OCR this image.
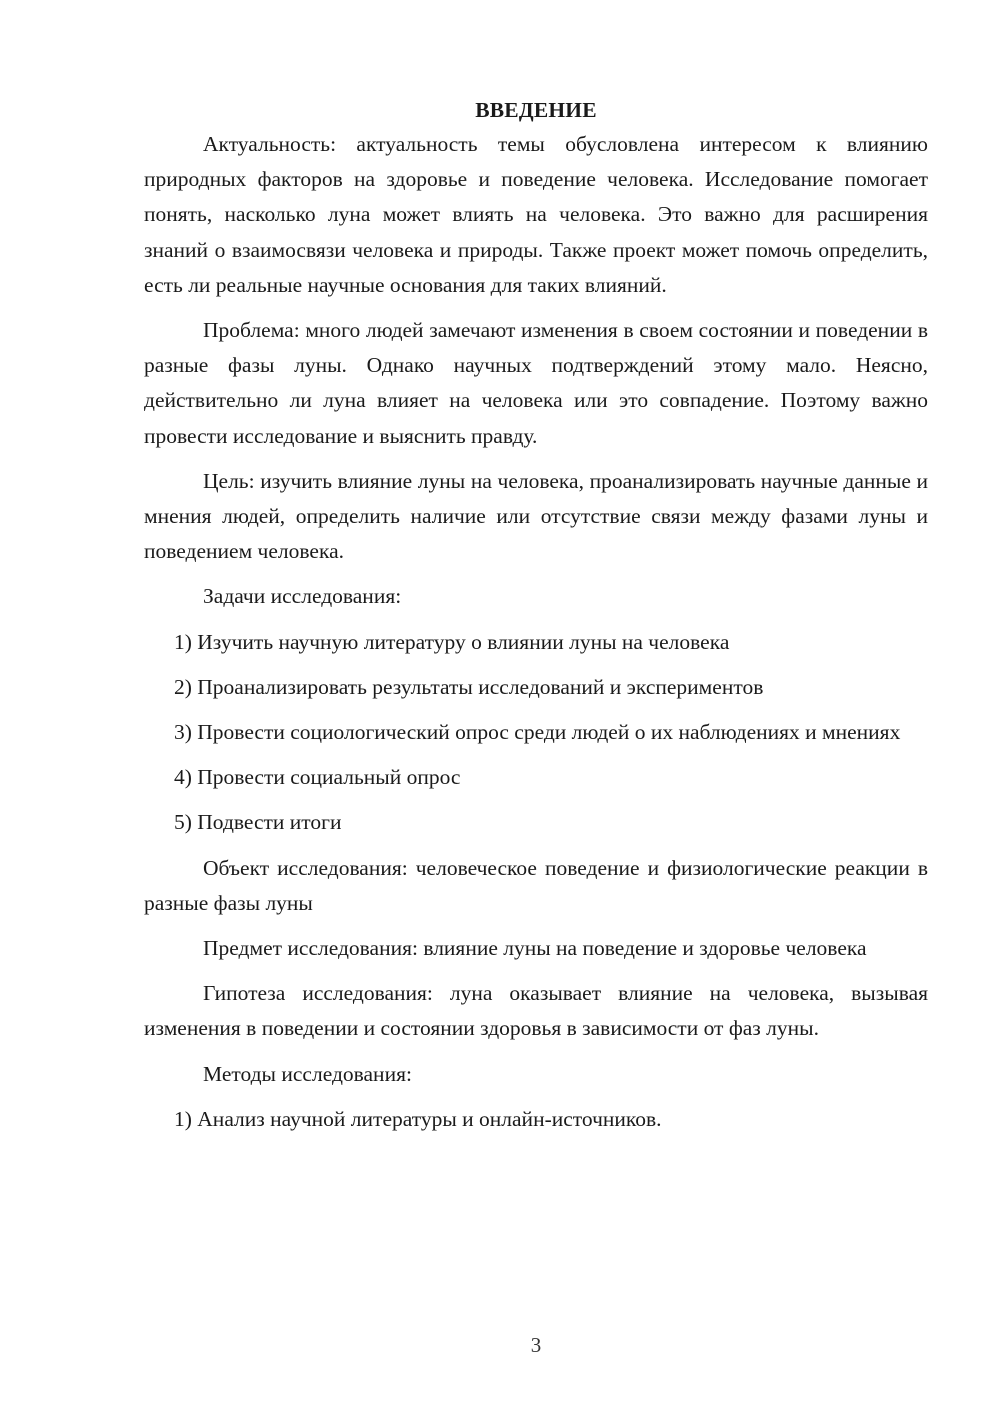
ВВЕДЕНИЕ

Актуальность: актуальность темы обусловлена интересом к влиянию природных факторов на здоровье и поведение человека. Исследование помогает понять, насколько луна может влиять на человека. Это важно для расширения знаний о взаимосвязи человека и природы. Также проект может помочь определить, есть ли реальные научные основания для таких влияний.

Проблема: много людей замечают изменения в своем состоянии и поведении в разные фазы луны. Однако научных подтверждений этому мало. Неясно, действительно ли луна влияет на человека или это совпадение. Поэтому важно провести исследование и выяснить правду.

Цель: изучить влияние луны на человека, проанализировать научные данные и мнения людей, определить наличие или отсутствие связи между фазами луны и поведением человека.

Задачи исследования:

1) Изучить научную литературу о влиянии луны на человека

2) Проанализировать результаты исследований и экспериментов

3) Провести социологический опрос среди людей о их наблюдениях и мнениях

4) Провести социальный опрос

5) Подвести итоги

Объект исследования: человеческое поведение и физиологические реакции в разные фазы луны

Предмет исследования: влияние луны на поведение и здоровье человека

Гипотеза исследования: луна оказывает влияние на человека, вызывая изменения в поведении и состоянии здоровья в зависимости от фаз луны.

Методы исследования:

1) Анализ научной литературы и онлайн-источников.

3
